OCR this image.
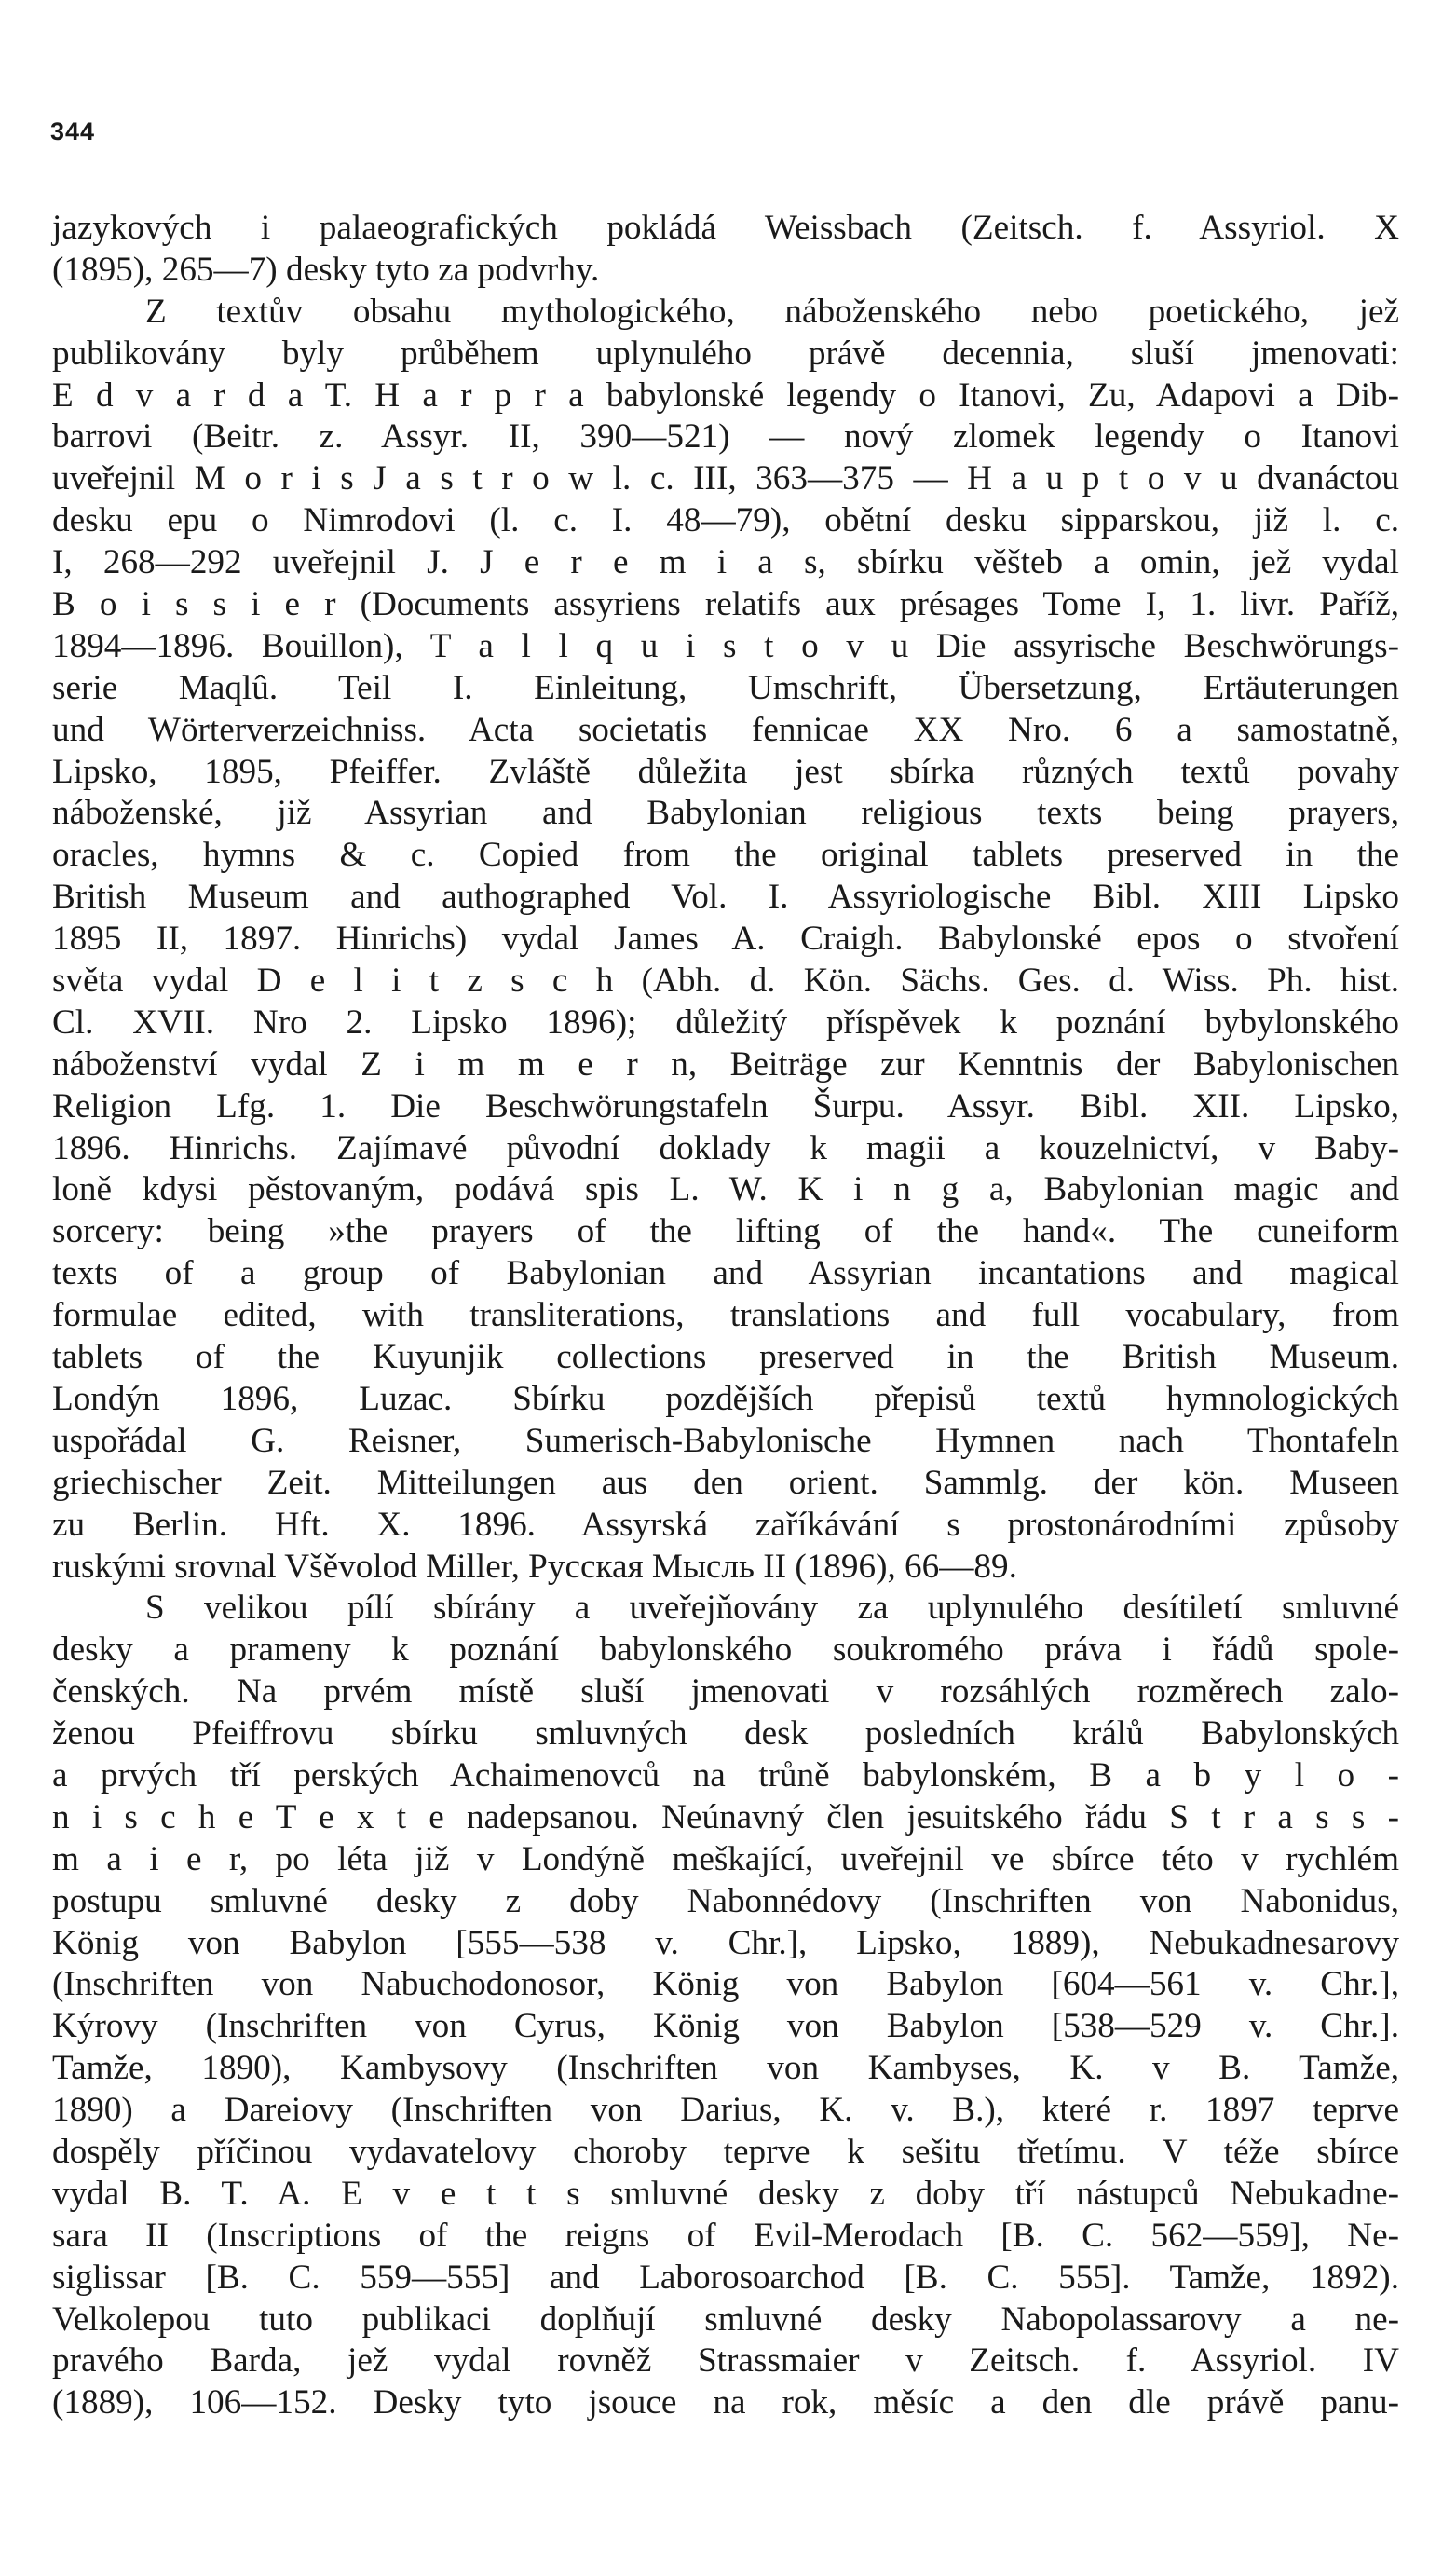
344
jazykových i palaeografických pokládá Weissbach (Zeitsch. f. Assyriol. X
(1895), 265—7) desky tyto za podvrhy.
Z textův obsahu mythologického, náboženského nebo poetického, jež
publikovány byly průběhem uplynulého právě decennia, sluší jmenovati:
E d v a r d a T. H a r p r a babylonské legendy o Itanovi, Zu, Adapovi a Dib-
barrovi (Beitr. z. Assyr. II, 390—521) — nový zlomek legendy o Itanovi
uveřejnil M o r i s J a s t r o w l. c. III, 363—375 — H a u p t o v u dvanáctou
desku epu o Nimrodovi (l. c. I. 48—79), obětní desku sipparskou, již l. c.
I, 268—292 uveřejnil J. J e r e m i a s, sbírku věšteb a omin, jež vydal
B o i s s i e r (Documents assyriens relatifs aux présages Tome I, 1. livr. Paříž,
1894—1896. Bouillon), T a l l q u i s t o v u Die assyrische Beschwörungs-
serie Maqlû. Teil I. Einleitung, Umschrift, Übersetzung, Ertäuterungen
und Wörterverzeichniss. Acta societatis fennicae XX Nro. 6 a samostatně,
Lipsko, 1895, Pfeiffer. Zvláště důležita jest sbírka různých textů povahy
náboženské, již Assyrian and Babylonian religious texts being prayers,
oracles, hymns & c. Copied from the original tablets preserved in the
British Museum and authographed Vol. I. Assyriologische Bibl. XIII Lipsko
1895 II, 1897. Hinrichs) vydal James A. Craigh. Babylonské epos o stvoření
světa vydal D e l i t z s c h (Abh. d. Kön. Sächs. Ges. d. Wiss. Ph. hist.
Cl. XVII. Nro 2. Lipsko 1896); důležitý příspěvek k poznání bybylonského
náboženství vydal Z i m m e r n, Beiträge zur Kenntnis der Babylonischen
Religion Lfg. 1. Die Beschwörungstafeln Šurpu. Assyr. Bibl. XII. Lipsko,
1896. Hinrichs. Zajímavé původní doklady k magii a kouzelnictví, v Baby-
loně kdysi pěstovaným, podává spis L. W. K i n g a, Babylonian magic and
sorcery: being »the prayers of the lifting of the hand«. The cuneiform
texts of a group of Babylonian and Assyrian incantations and magical
formulae edited, with transliterations, translations and full vocabulary, from
tablets of the Kuyunjik collections preserved in the British Museum.
Londýn 1896, Luzac. Sbírku pozdějších přepisů textů hymnologických
uspořádal G. Reisner, Sumerisch-Babylonische Hymnen nach Thontafeln
griechischer Zeit. Mitteilungen aus den orient. Sammlg. der kön. Museen
zu Berlin. Hft. X. 1896. Assyrská zaříkávání s prostonárodními způsoby
ruskými srovnal Všěvolod Miller, Русская Мысль II (1896), 66—89.
S velikou pílí sbírány a uveřejňovány za uplynulého desítiletí smluvné
desky a prameny k poznání babylonského soukromého práva i řádů spole-
čenských. Na prvém místě sluší jmenovati v rozsáhlých rozměrech zalo-
ženou Pfeiffrovu sbírku smluvných desk posledních králů Babylonských
a prvých tří perských Achaimenovců na trůně babylonském, B a b y l o -
n i s c h e T e x t e nadepsanou. Neúnavný člen jesuitského řádu S t r a s s -
m a i e r, po léta již v Londýně meškající, uveřejnil ve sbírce této v rychlém
postupu smluvné desky z doby Nabonnédovy (Inschriften von Nabonidus,
König von Babylon [555—538 v. Chr.], Lipsko, 1889), Nebukadnesarovy
(Inschriften von Nabuchodonosor, König von Babylon [604—561 v. Chr.],
Kýrovy (Inschriften von Cyrus, König von Babylon [538—529 v. Chr.].
Tamže, 1890), Kambysovy (Inschriften von Kambyses, K. v B. Tamže,
1890) a Dareiovy (Inschriften von Darius, K. v. B.), které r. 1897 teprve
dospěly příčinou vydavatelovy choroby teprve k sešitu třetímu. V téže sbírce
vydal B. T. A. E v e t t s smluvné desky z doby tří nástupců Nebukadne-
sara II (Inscriptions of the reigns of Evil-Merodach [B. C. 562—559], Ne-
siglissar [B. C. 559—555] and Laborosoarchod [B. C. 555]. Tamže, 1892).
Velkolepou tuto publikaci doplňují smluvné desky Nabopolassarovy a ne-
pravého Barda, jež vydal rovněž Strassmaier v Zeitsch. f. Assyriol. IV
(1889), 106—152. Desky tyto jsouce na rok, měsíc a den dle právě panu-
